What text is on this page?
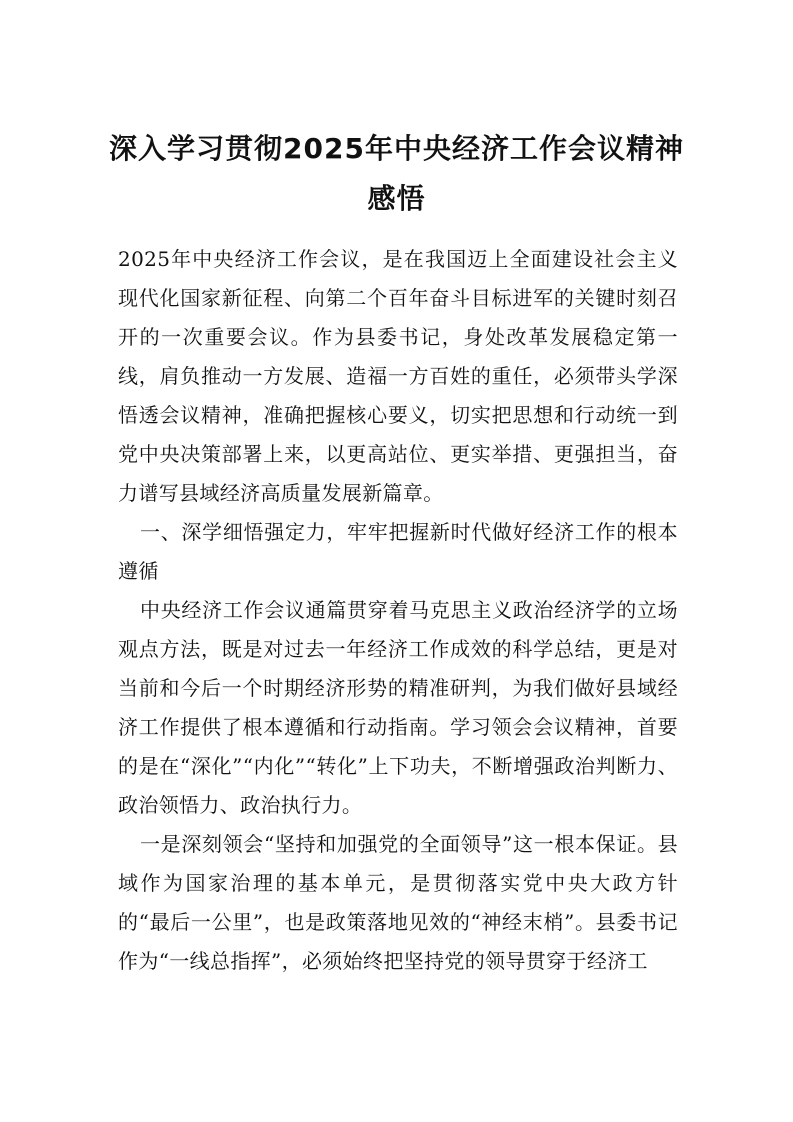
深入学习贯彻2025年中央经济工作会议精神感悟

2025年中央经济工作会议，是在我国迈上全面建设社会主义现代化国家新征程、向第二个百年奋斗目标进军的关键时刻召开的一次重要会议。作为县委书记，身处改革发展稳定第一线，肩负推动一方发展、造福一方百姓的重任，必须带头学深悟透会议精神，准确把握核心要义，切实把思想和行动统一到党中央决策部署上来，以更高站位、更实举措、更强担当，奋力谱写县域经济高质量发展新篇章。

一、深学细悟强定力，牢牢把握新时代做好经济工作的根本遵循

中央经济工作会议通篇贯穿着马克思主义政治经济学的立场观点方法，既是对过去一年经济工作成效的科学总结，更是对当前和今后一个时期经济形势的精准研判，为我们做好县域经济工作提供了根本遵循和行动指南。学习领会会议精神，首要的是在“深化”“内化”“转化”上下功夫，不断增强政治判断力、政治领悟力、政治执行力。

一是深刻领会“坚持和加强党的全面领导”这一根本保证。县域作为国家治理的基本单元，是贯彻落实党中央大政方针的“最后一公里”，也是政策落地见效的“神经末梢”。县委书记作为“一线总指挥”，必须始终把坚持党的领导贯穿于经济工
